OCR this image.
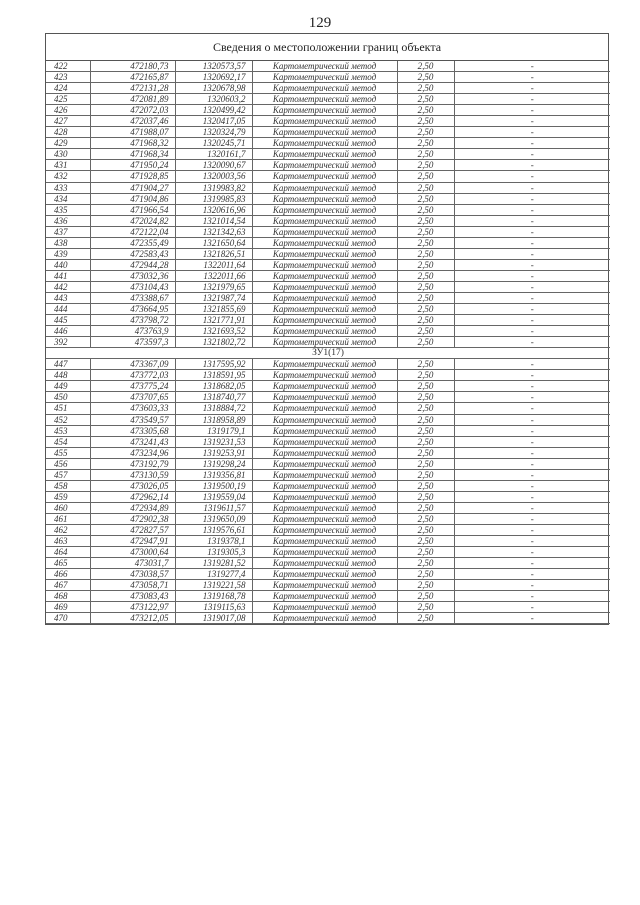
129
Сведения о местоположении границ объекта
422	472180,73	1320573,57	Картометрический метод	2,50	-
423	472165,87	1320692,17	Картометрический метод	2,50	-
424	472131,28	1320678,98	Картометрический метод	2,50	-
425	472081,89	1320603,2	Картометрический метод	2,50	-
426	472072,03	1320499,42	Картометрический метод	2,50	-
427	472037,46	1320417,05	Картометрический метод	2,50	-
428	471988,07	1320324,79	Картометрический метод	2,50	-
429	471968,32	1320245,71	Картометрический метод	2,50	-
430	471968,34	1320161,7	Картометрический метод	2,50	-
431	471950,24	1320090,67	Картометрический метод	2,50	-
432	471928,85	1320003,56	Картометрический метод	2,50	-
433	471904,27	1319983,82	Картометрический метод	2,50	-
434	471904,86	1319985,83	Картометрический метод	2,50	-
435	471966,54	1320616,96	Картометрический метод	2,50	-
436	472024,82	1321014,54	Картометрический метод	2,50	-
437	472122,04	1321342,63	Картометрический метод	2,50	-
438	472355,49	1321650,64	Картометрический метод	2,50	-
439	472583,43	1321826,51	Картометрический метод	2,50	-
440	472944,28	1322011,64	Картометрический метод	2,50	-
441	473032,36	1322011,66	Картометрический метод	2,50	-
442	473104,43	1321979,65	Картометрический метод	2,50	-
443	473388,67	1321987,74	Картометрический метод	2,50	-
444	473664,95	1321855,69	Картометрический метод	2,50	-
445	473798,72	1321771,91	Картометрический метод	2,50	-
446	473763,9	1321693,52	Картометрический метод	2,50	-
392	473597,3	1321802,72	Картометрический метод	2,50	-
ЗУ1(17)					
447	473367,09	1317595,92	Картометрический метод	2,50	-
448	473772,03	1318591,95	Картометрический метод	2,50	-
449	473775,24	1318682,05	Картометрический метод	2,50	-
450	473707,65	1318740,77	Картометрический метод	2,50	-
451	473603,33	1318884,72	Картометрический метод	2,50	-
452	473549,57	1318958,89	Картометрический метод	2,50	-
453	473305,68	1319179,1	Картометрический метод	2,50	-
454	473241,43	1319231,53	Картометрический метод	2,50	-
455	473234,96	1319253,91	Картометрический метод	2,50	-
456	473192,79	1319298,24	Картометрический метод	2,50	-
457	473130,59	1319356,81	Картометрический метод	2,50	-
458	473026,05	1319500,19	Картометрический метод	2,50	-
459	472962,14	1319559,04	Картометрический метод	2,50	-
460	472934,89	1319611,57	Картометрический метод	2,50	-
461	472902,38	1319650,09	Картометрический метод	2,50	-
462	472827,57	1319576,61	Картометрический метод	2,50	-
463	472947,91	1319378,1	Картометрический метод	2,50	-
464	473000,64	1319305,3	Картометрический метод	2,50	-
465	473031,7	1319281,52	Картометрический метод	2,50	-
466	473038,57	1319277,4	Картометрический метод	2,50	-
467	473058,71	1319221,58	Картометрический метод	2,50	-
468	473083,43	1319168,78	Картометрический метод	2,50	-
469	473122,97	1319115,63	Картометрический метод	2,50	-
470	473212,05	1319017,08	Картометрический метод	2,50	-
